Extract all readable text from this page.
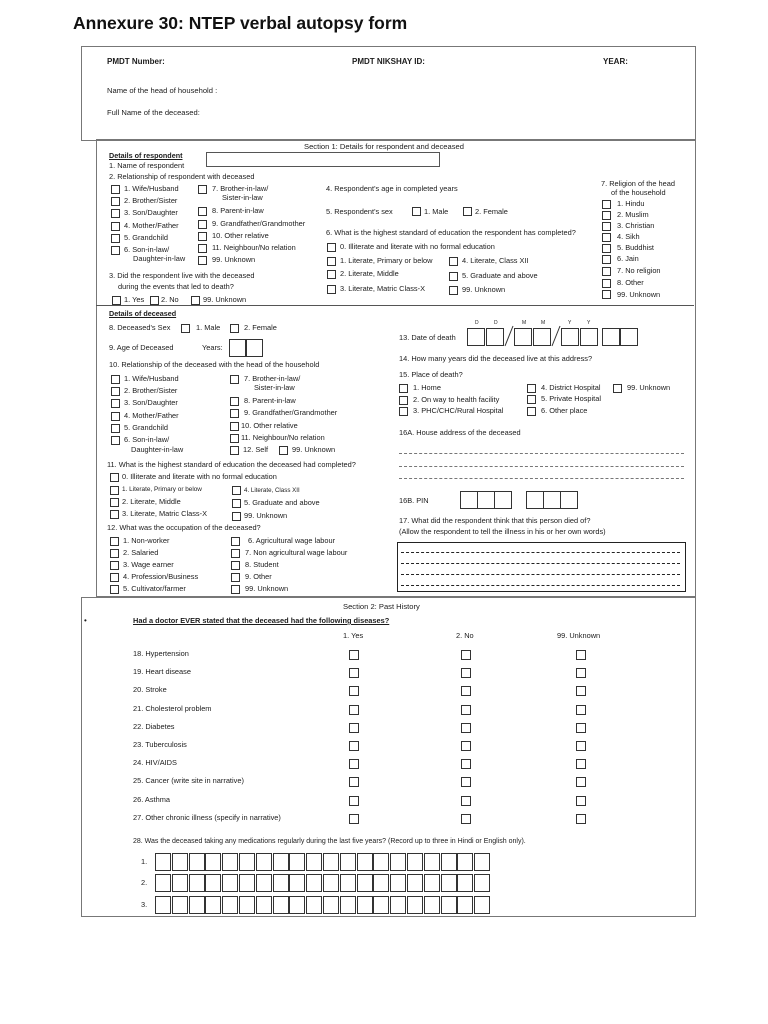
Annexure 30: NTEP verbal autopsy form
PMDT Number:	PMDT NIKSHAY ID:	YEAR:
Name of the head of household :
Full Name of the deceased:
Section 1: Details for respondent and deceased
Details of respondent
1. Name of respondent
2. Relationship of respondent with deceased
1. Wife/Husband
2. Brother/Sister
3. Son/Daughter
4. Mother/Father
5. Grandchild
6. Son-in-law/
Daughter-in-law
7. Brother-in-law/
Sister-in-law
8. Parent-in-law
9. Grandfather/Grandmother
10. Other relative
11. Neighbour/No relation
99. Unknown
3. Did the respondent live with the deceased
during the events that led to death?
1. Yes 2. No	99. Unknown
4. Respondent's age in completed years
5. Respondent's sex	1. Male	2. Female
6. What is the highest standard of education the respondent has completed?
0. Illiterate and literate with no formal education
1. Literate, Primary or below	4. Literate, Class XII
2. Literate, Middle	5. Graduate and above
3. Literate, Matric Class-X	99. Unknown
7. Religion of the head
of the household
1. Hindu
2. Muslim
3. Christian
4. Sikh
5. Buddhist
6. Jain
7. No religion
8. Other
99. Unknown
Details of deceased
8. Deceased's Sex	1. Male	2. Female
9. Age of Deceased	Years:
10. Relationship of the deceased with the head of the household
1. Wife/Husband
2. Brother/Sister
3. Son/Daughter
4. Mother/Father
5. Grandchild
6. Son-in-law/
Daughter-in-law
7. Brother-in-law/
Sister-in-law
8. Parent-in-law
9. Grandfather/Grandmother
10. Other relative
11. Neighbour/No relation
12. Self	99. Unknown
11. What is the highest standard of education the deceased had completed?
0. Illiterate and literate with no formal education
1. Literate, Primary or below	4. Literate, Class XII
2. Literate, Middle	5. Graduate and above
3. Literate, Matric Class-X	99. Unknown
12. What was the occupation of the deceased?
1. Non-worker
2. Salaried
3. Wage earner
4. Profession/Business
5. Cultivator/farmer
6. Agricultural wage labour
7. Non agricultural wage labour
8. Student
9. Other
99. Unknown
13. Date of death
D	D	M	M	Y	Y
14. How many years did the deceased live at this address?
15. Place of death?
1. Home	4. District Hospital	99. Unknown
2. On way to health facility	5. Private Hospital
3. PHC/CHC/Rural Hospital	6. Other place
16A. House address of the deceased
16B. PIN
17. What did the respondent think that this person died of?
(Allow the respondent to tell the illness in his or her own words)
Section 2: Past History
•	Had a doctor EVER stated that the deceased had the following diseases?
1. Yes	2. No	99. Unknown
18. Hypertension
19. Heart disease
20. Stroke
21. Cholesterol problem
22. Diabetes
23. Tuberculosis
24. HIV/AIDS
25. Cancer (write site in narrative)
26. Asthma
27. Other chronic illness (specify in narrative)
28. Was the deceased taking any medications regularly during the last five years? (Record up to three in Hindi or English only).
1.
2.
3.
